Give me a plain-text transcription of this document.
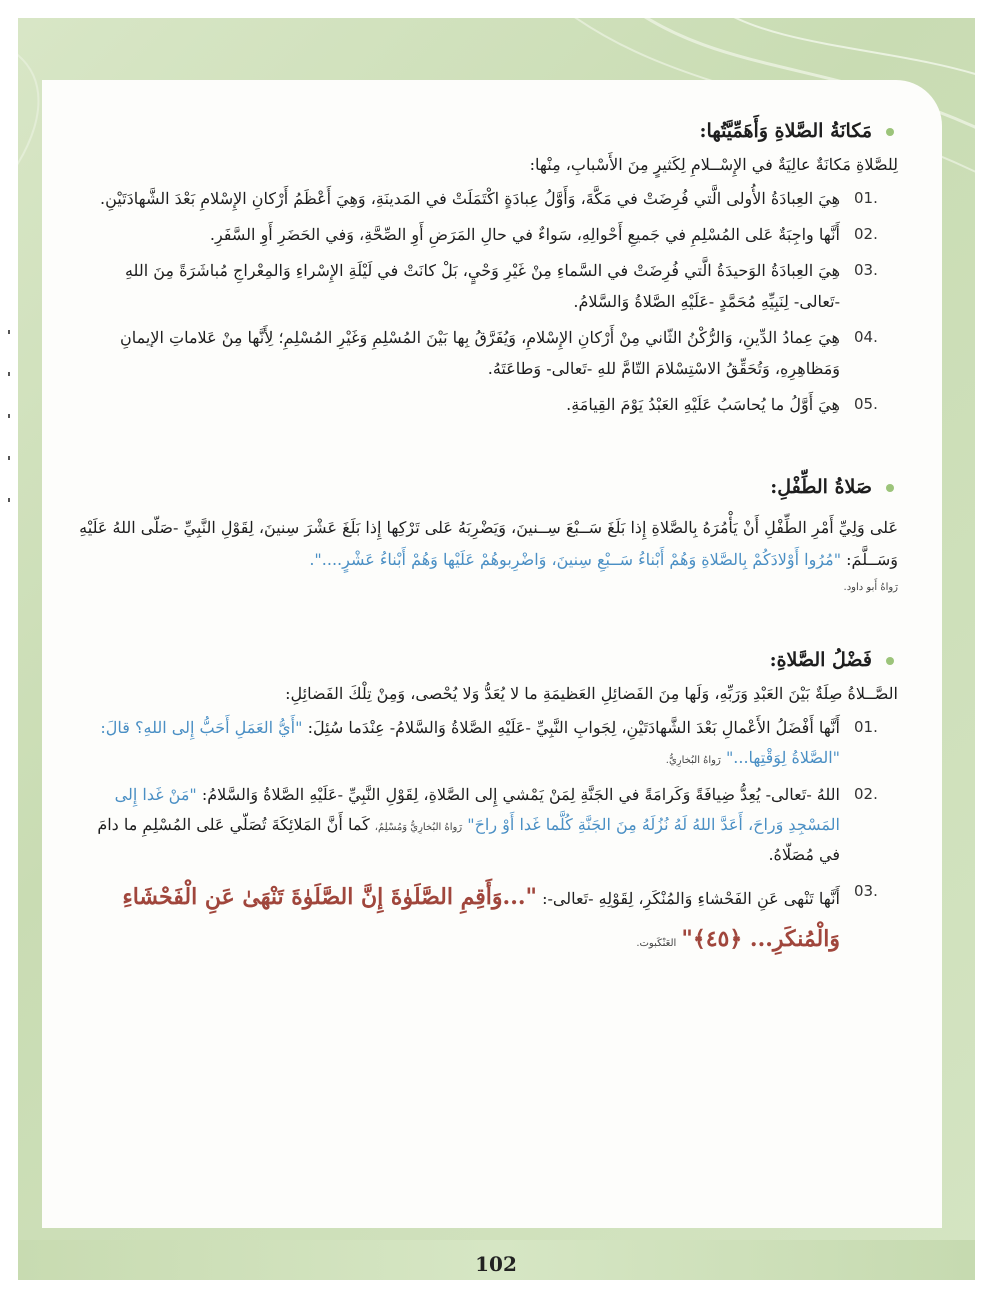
مَكانَةُ الصَّلاةِ وَأَهَمِّيَّتُها:
لِلصَّلاةِ مَكانَةٌ عالِيَةٌ في الإِسْــلامِ لِكَثيرٍ مِنَ الأَسْبابِ، مِنْها:
01.
هِيَ العِبادَةُ الأُولى الَّتي فُرِضَتْ في مَكَّةَ، وَأَوَّلُ عِبادَةٍ اكْتَمَلَتْ في المَدينَةِ، وَهِيَ أَعْظَمُ أَرْكانِ الإِسْلامِ بَعْدَ الشَّهادَتَيْنِ.
02.
أَنَّها واجِبَةٌ عَلى المُسْلِمِ في جَميعِ أَحْوالِهِ، سَواءٌ في حالِ المَرَضِ أَوِ الصِّحَّةِ، وَفي الحَضَرِ أَوِ السَّفَرِ.
03.
هِيَ العِبادَةُ الوَحيدَةُ الَّتي فُرِضَتْ في السَّماءِ مِنْ غَيْرِ وَحْيٍ، بَلْ كانَتْ في لَيْلَةِ الإِسْراءِ وَالمِعْراجِ مُباشَرَةً مِنَ اللهِ -تَعالى- لِنَبِيِّهِ مُحَمَّدٍ -عَلَيْهِ الصَّلاةُ وَالسَّلامُ.
04.
هِيَ عِمادُ الدِّينِ، وَالرُّكْنُ الثّاني مِنْ أَرْكانِ الإِسْلامِ، وَيُفَرَّقُ بِها بَيْنَ المُسْلِمِ وَغَيْرِ المُسْلِمِ؛ لِأَنَّها مِنْ عَلاماتِ الإيمانِ وَمَظاهِرِهِ، وَتُحَقِّقُ الاسْتِسْلامَ التّامَّ للهِ -تَعالى- وَطاعَتَهُ.
05.
هِيَ أَوَّلُ ما يُحاسَبُ عَلَيْهِ العَبْدُ يَوْمَ القِيامَةِ.
صَلاةُ الطِّفْلِ:
عَلى وَلِيِّ أَمْرِ الطِّفْلِ أَنْ يَأْمُرَهُ بِالصَّلاةِ إِذا بَلَغَ سَــبْعَ سِــنينَ، وَيَضْرِبَهُ عَلى تَرْكِها إِذا بَلَغَ عَشْرَ سِنينَ، لِقَوْلِ النَّبِيِّ -صَلّى اللهُ عَلَيْهِ وَسَــلَّمَ: "مُرُوا أَوْلادَكُمْ بِالصَّلاةِ وَهُمْ أَبْناءُ سَــبْعِ سِنينَ، وَاضْرِبوهُمْ عَلَيْها وَهُمْ أَبْناءُ عَشْرٍ....".
رَواهُ أَبو داود.
فَضْلُ الصَّلاةِ:
الصَّــلاةُ صِلَةٌ بَيْنَ العَبْدِ وَرَبِّهِ، وَلَها مِنَ الفَضائِلِ العَظيمَةِ ما لا يُعَدُّ وَلا يُحْصى، وَمِنْ تِلْكَ الفَضائِلِ:
01.
أَنَّها أَفْضَلُ الأَعْمالِ بَعْدَ الشَّهادَتَيْنِ، لِجَوابِ النَّبِيِّ -عَلَيْهِ الصَّلاةُ وَالسَّلامُ- عِنْدَما سُئِلَ: "أَيُّ العَمَلِ أَحَبُّ إِلى اللهِ؟ قالَ: "الصَّلاةُ لِوَقْتِها..." رَواهُ البُخارِيُّ.
02.
اللهُ -تَعالى- يُعِدُّ ضِيافَةً وَكَرامَةً في الجَنَّةِ لِمَنْ يَمْشي إِلى الصَّلاةِ، لِقَوْلِ النَّبِيِّ -عَلَيْهِ الصَّلاةُ وَالسَّلامُ: "مَنْ غَدا إِلى المَسْجِدِ وَراحَ، أَعَدَّ اللهُ لَهُ نُزُلَهُ مِنَ الجَنَّةِ كُلَّما غَدا أَوْ راحَ" رَواهُ البُخارِيُّ وَمُسْلِمٌ، كَما أَنَّ المَلائِكَةَ تُصَلّي عَلى المُسْلِمِ ما دامَ في مُصَلّاهُ.
03.
أَنَّها تَنْهى عَنِ الفَحْشاءِ وَالمُنْكَرِ، لِقَوْلِهِ -تَعالى-: "...وَأَقِمِ الصَّلَوٰةَ إِنَّ الصَّلَوٰةَ تَنْهَىٰ عَنِ الْفَحْشَاءِ وَالْمُنكَرِ... ﴿٤٥﴾" العَنْكَبوت.
102
